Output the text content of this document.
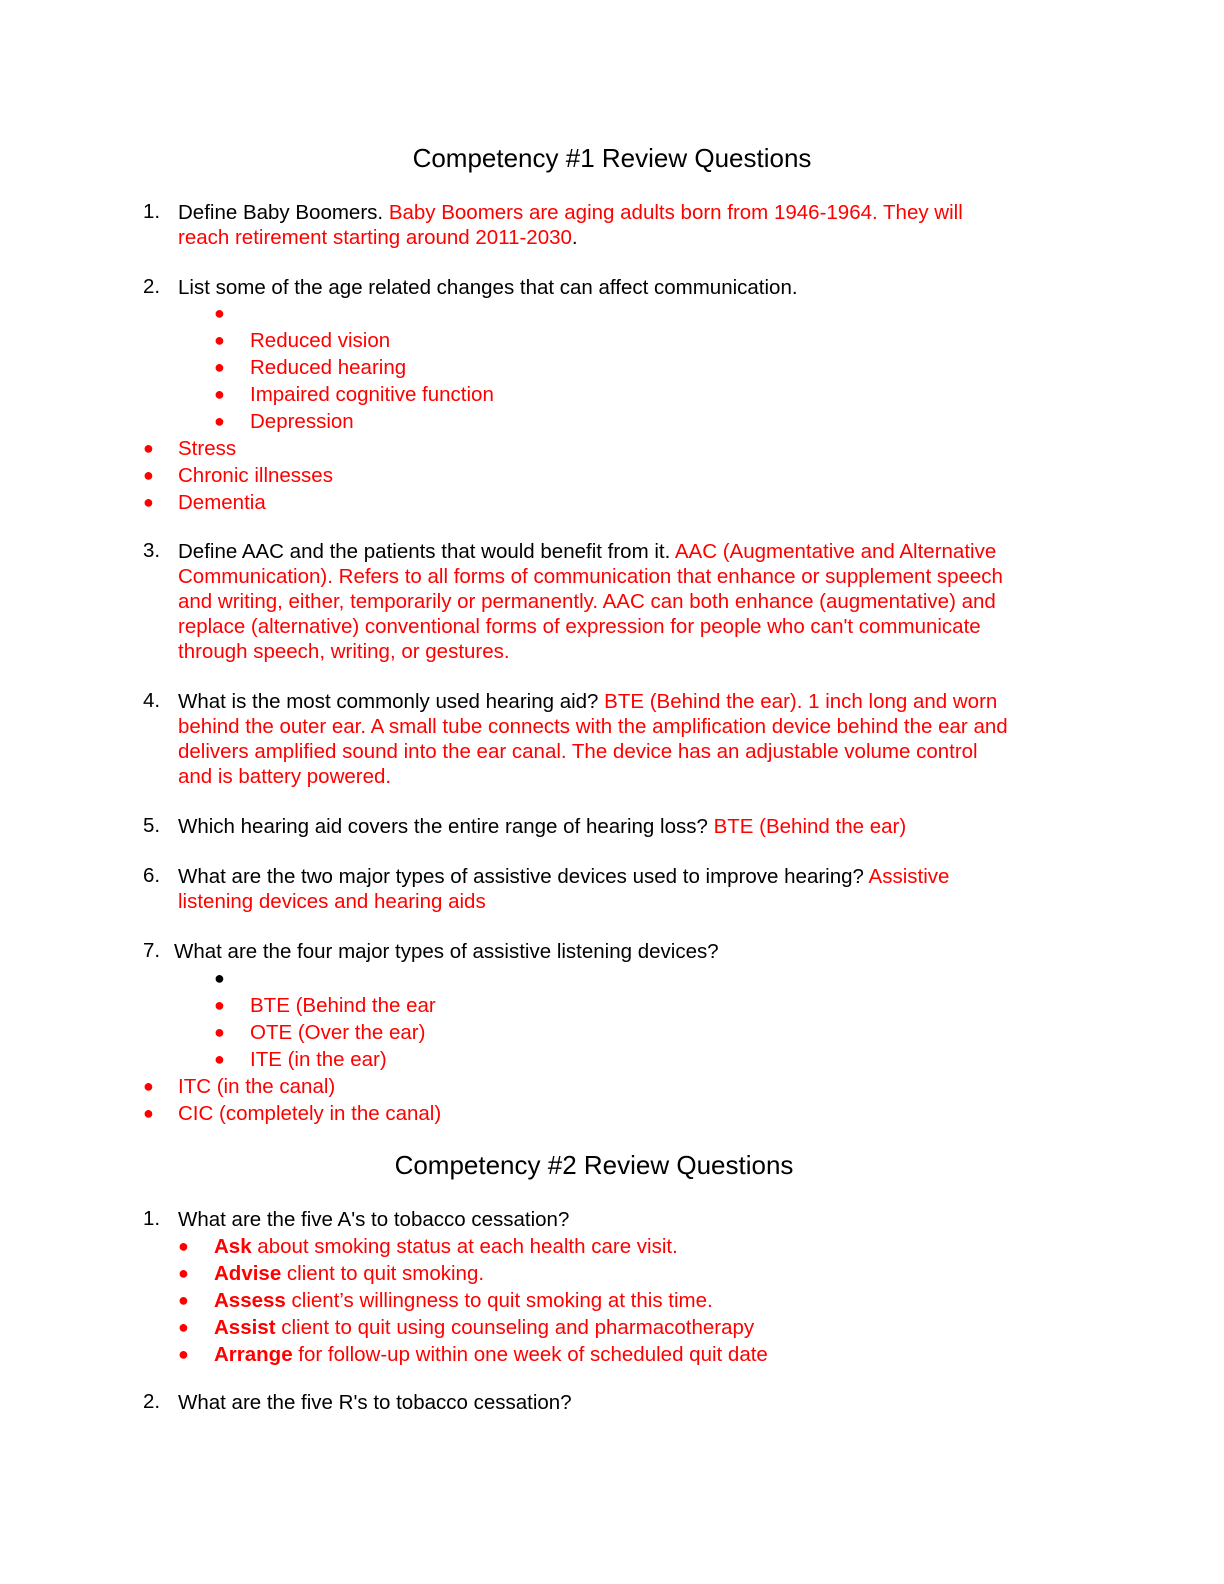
Competency #1 Review Questions
1. Define Baby Boomers. Baby Boomers are aging adults born from 1946-1964. They will
reach retirement starting around 2011-2030.
2. List some of the age related changes that can affect communication.
●
● Reduced vision
● Reduced hearing
● Impaired cognitive function
● Depression
● Stress
● Chronic illnesses
● Dementia
3. Define AAC and the patients that would benefit from it. AAC (Augmentative and Alternative
Communication). Refers to all forms of communication that enhance or supplement speech
and writing, either, temporarily or permanently. AAC can both enhance (augmentative) and
replace (alternative) conventional forms of expression for people who can't communicate
through speech, writing, or gestures.
4. What is the most commonly used hearing aid? BTE (Behind the ear). 1 inch long and worn
behind the outer ear. A small tube connects with the amplification device behind the ear and
delivers amplified sound into the ear canal. The device has an adjustable volume control
and is battery powered.
5. Which hearing aid covers the entire range of hearing loss? BTE (Behind the ear)
6. What are the two major types of assistive devices used to improve hearing? Assistive
listening devices and hearing aids
7. What are the four major types of assistive listening devices?
●
● BTE (Behind the ear
● OTE (Over the ear)
● ITE (in the ear)
● ITC (in the canal)
● CIC (completely in the canal)
Competency #2 Review Questions
1. What are the five A's to tobacco cessation?
● Ask about smoking status at each health care visit.
● Advise client to quit smoking.
● Assess client’s willingness to quit smoking at this time.
● Assist client to quit using counseling and pharmacotherapy
● Arrange for follow-up within one week of scheduled quit date
2. What are the five R's to tobacco cessation?
